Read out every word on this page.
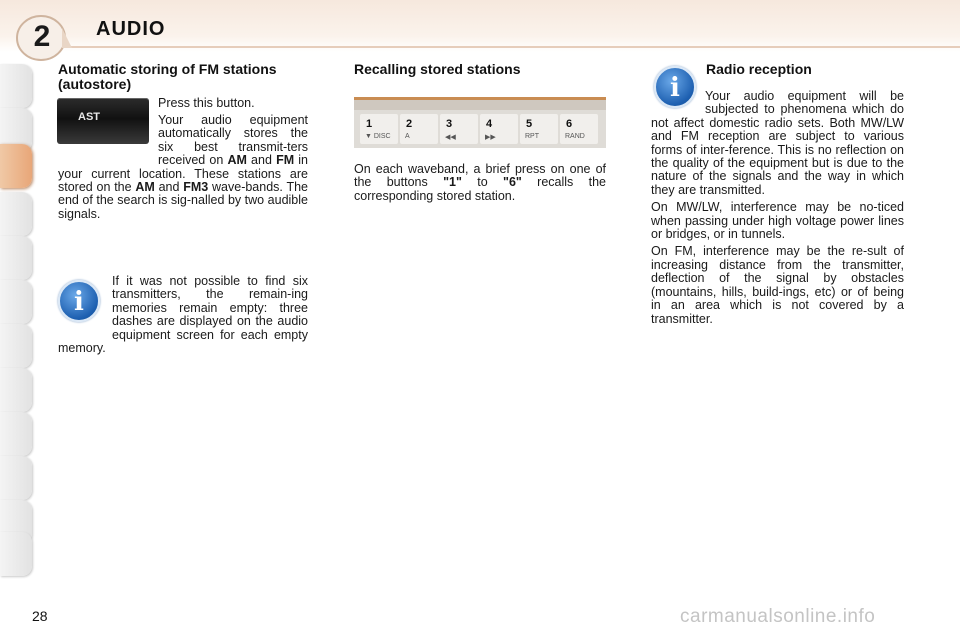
2	AUDIO
Automatic storing of FM stations (autostore)
AST

Press this button.

Your audio equipment automatically stores the six best transmit-ters received on AM and FM in your current location. These stations are stored on the AM and FM3 wave-bands. The end of the search is sig-nalled by two audible signals.

i

If it was not possible to find six transmitters, the remain-ing memories remain empty: three dashes are displayed on the audio equipment screen for each empty memory.

Recalling stored stations
1
▼ DISC
2
A
3
◀◀
4
▶▶
5
RPT
6
RAND

On each waveband, a brief press on one of the buttons "1" to "6" recalls the corresponding stored station.

i
Radio reception

Your audio equipment will be subjected to phenomena which do not affect domestic radio sets. Both MW/LW and FM reception are subject to various forms of inter-ference. This is no reflection on the quality of the equipment but is due to the nature of the signals and the way in which they are transmitted.

On MW/LW, interference may be no-ticed when passing under high voltage power lines or bridges, or in tunnels.

On FM, interference may be the re-sult of increasing distance from the transmitter, deflection of the signal by obstacles (mountains, hills, build-ings, etc) or of being in an area which is not covered by a transmitter.

28	carmanualsonline.info
